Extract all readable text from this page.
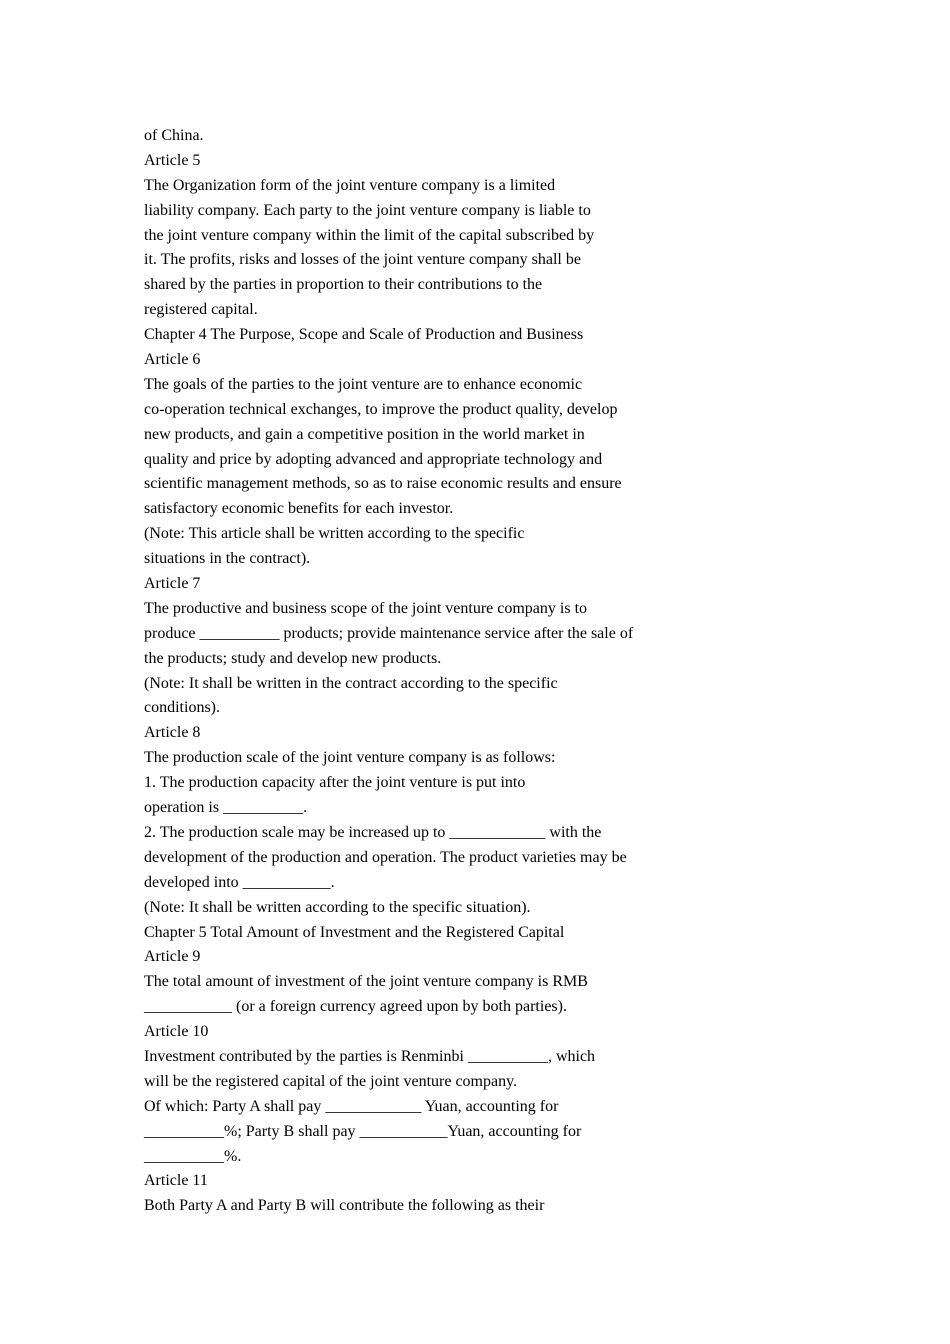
of China.
Article 5
The Organization form of the joint venture company is a limited
liability company. Each party to the joint venture company is liable to
the joint venture company within the limit of the capital subscribed by
it. The profits, risks and losses of the joint venture company shall be
shared by the parties in proportion to their contributions to the
registered capital.
Chapter 4 The Purpose, Scope and Scale of Production and Business
Article 6
The goals of the parties to the joint venture are to enhance economic
co-operation technical exchanges, to improve the product quality, develop
new products, and gain a competitive position in the world market in
quality and price by adopting advanced and appropriate technology and
scientific management methods, so as to raise economic results and ensure
satisfactory economic benefits for each investor.
(Note: This article shall be written according to the specific
situations in the contract).
Article 7
The productive and business scope of the joint venture company is to
produce __________ products; provide maintenance service after the sale of
the products; study and develop new products.
(Note: It shall be written in the contract according to the specific
conditions).
Article 8
The production scale of the joint venture company is as follows:
1. The production capacity after the joint venture is put into
operation is __________.
2. The production scale may be increased up to ____________ with the
development of the production and operation. The product varieties may be
developed into ___________.
(Note: It shall be written according to the specific situation).
Chapter 5 Total Amount of Investment and the Registered Capital
Article 9
The total amount of investment of the joint venture company is RMB
___________ (or a foreign currency agreed upon by both parties).
Article 10
Investment contributed by the parties is Renminbi __________, which
will be the registered capital of the joint venture company.
Of which: Party A shall pay ____________ Yuan, accounting for
__________%; Party B shall pay ___________Yuan, accounting for
__________%.
Article 11
Both Party A and Party B will contribute the following as their
